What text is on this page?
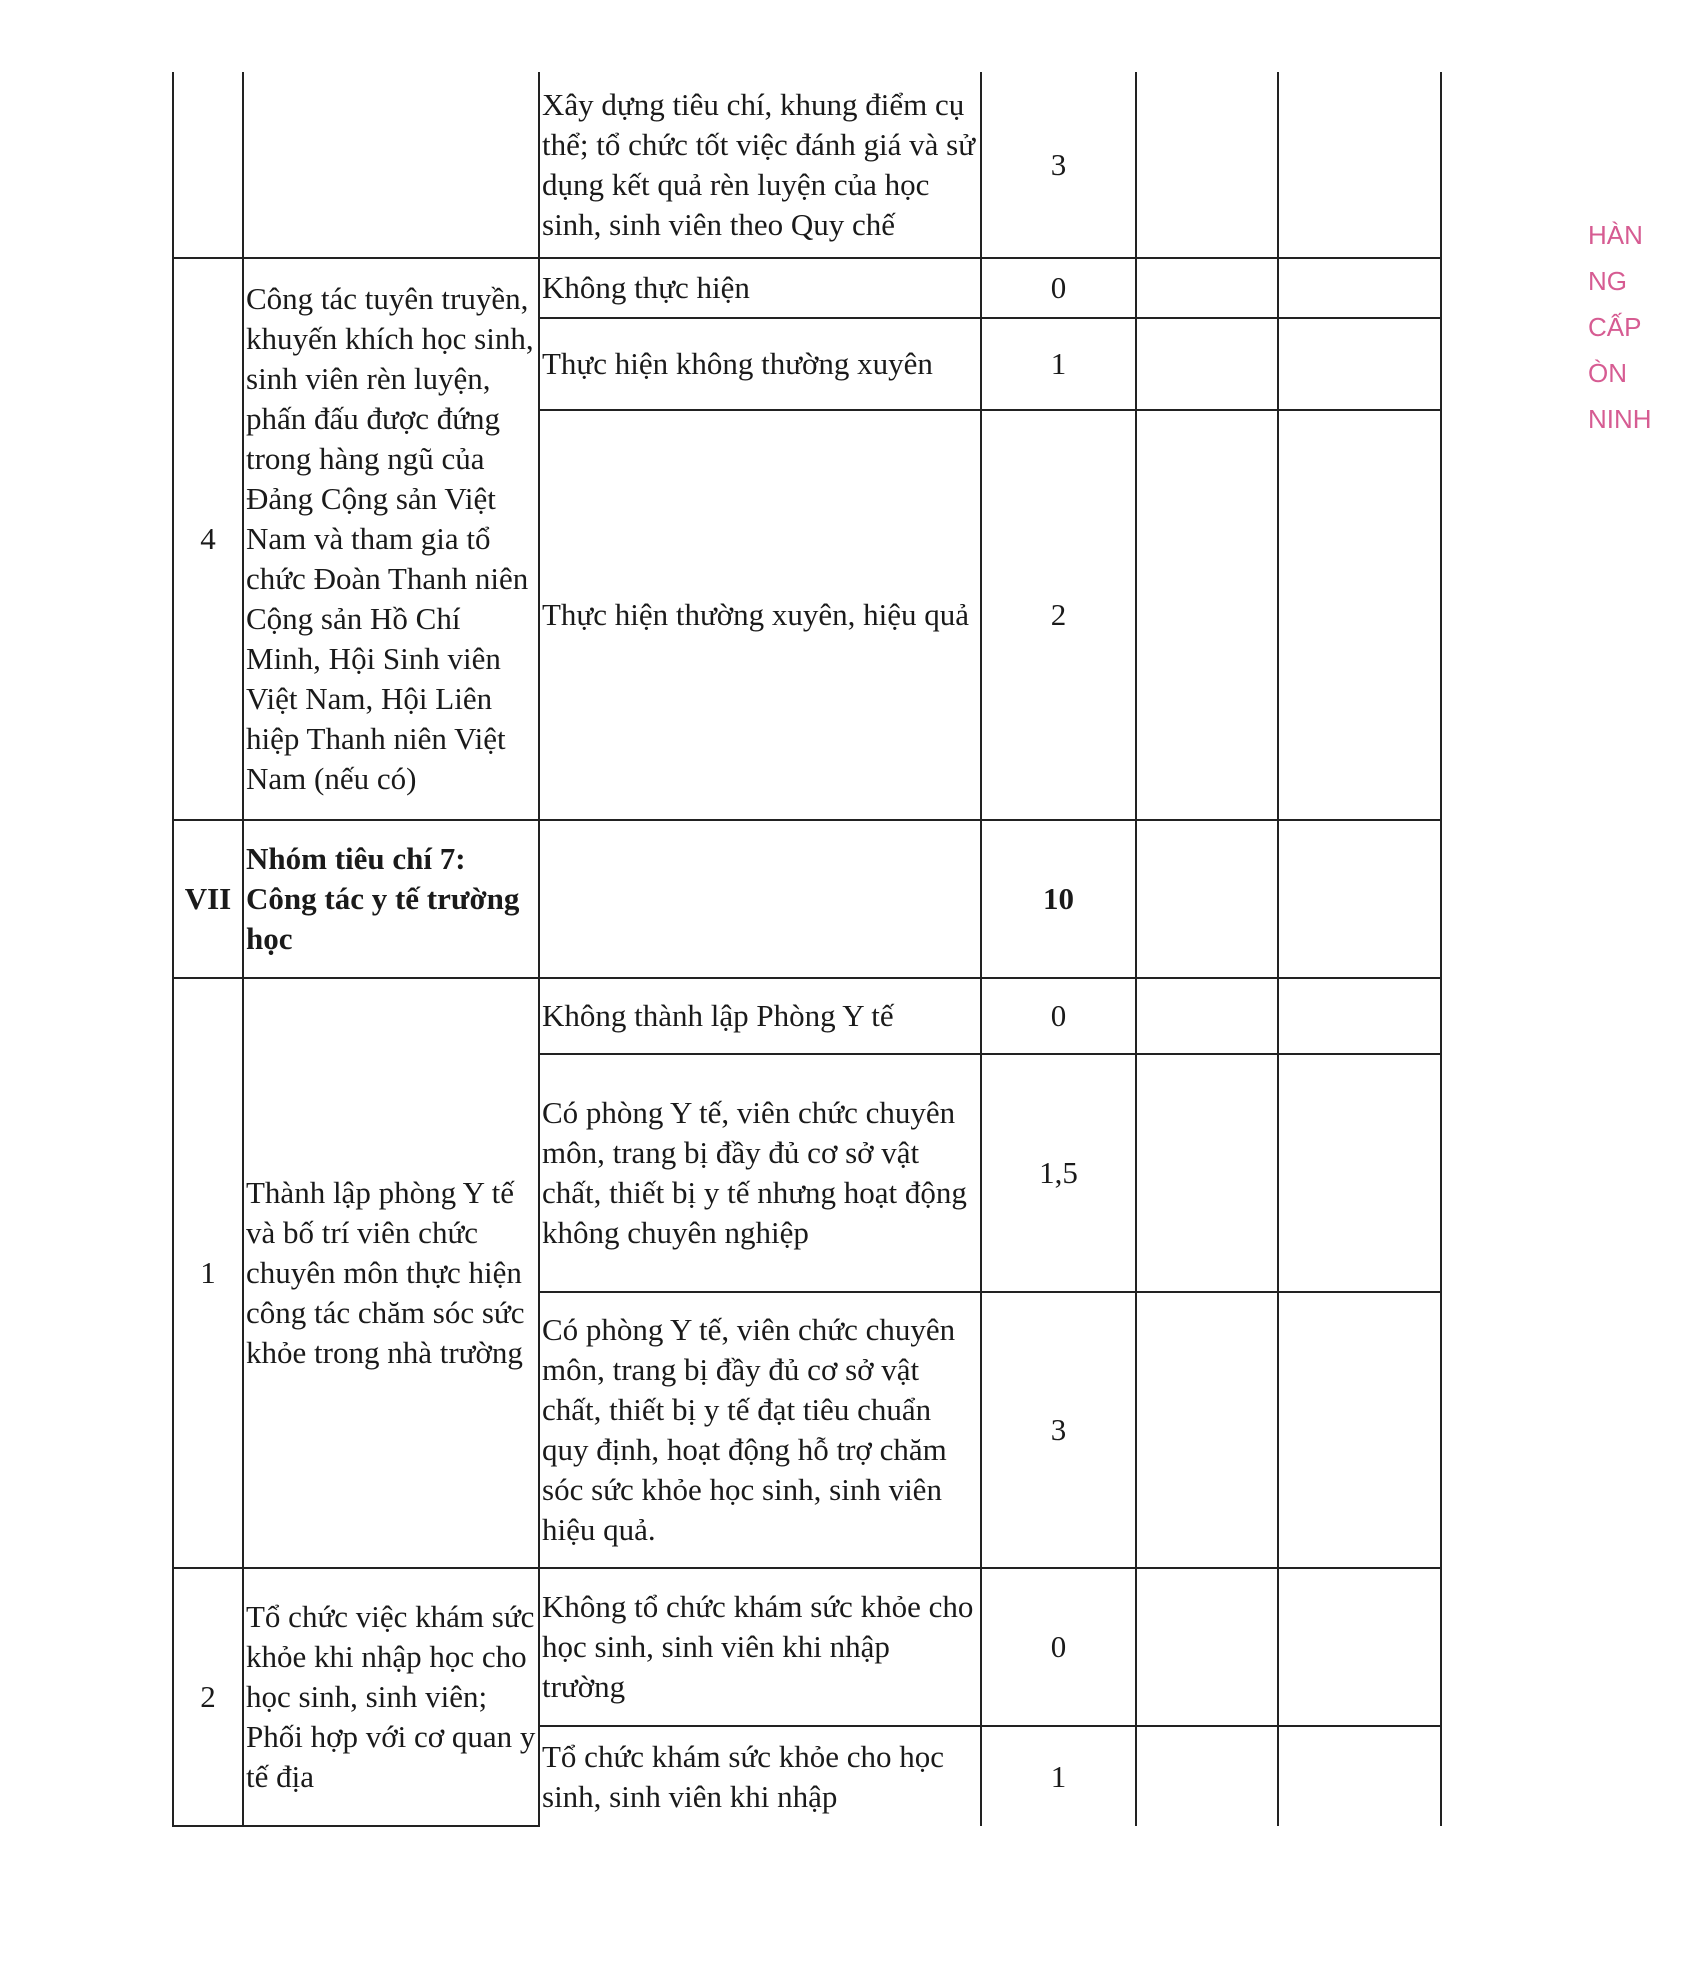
		Xây dựng tiêu chí, khung điểm cụ thể; tổ chức tốt việc đánh giá và sử dụng kết quả rèn luyện của học sinh, sinh viên theo Quy chế	3		
4	Công tác tuyên truyền, khuyến khích học sinh, sinh viên rèn luyện, phấn đấu được đứng trong hàng ngũ của Đảng Cộng sản Việt Nam và tham gia tổ chức Đoàn Thanh niên Cộng sản Hồ Chí Minh, Hội Sinh viên Việt Nam, Hội Liên hiệp Thanh niên Việt Nam (nếu có)	Không thực hiện	0		
		Thực hiện không thường xuyên	1		
		Thực hiện thường xuyên, hiệu quả	2		
VII	Nhóm tiêu chí 7: Công tác y tế trường học		10		
1	Thành lập phòng Y tế và bố trí viên chức chuyên môn thực hiện công tác chăm sóc sức khỏe trong nhà trường	Không thành lập Phòng Y tế	0		
		Có phòng Y tế, viên chức chuyên môn, trang bị đầy đủ cơ sở vật chất, thiết bị y tế nhưng hoạt động không chuyên nghiệp	1,5		
		Có phòng Y tế, viên chức chuyên môn, trang bị đầy đủ cơ sở vật chất, thiết bị y tế đạt tiêu chuẩn quy định, hoạt động hỗ trợ chăm sóc sức khỏe học sinh, sinh viên hiệu quả.	3		
2	Tổ chức việc khám sức khỏe khi nhập học cho học sinh, sinh viên; Phối hợp với cơ quan y tế địa	Không tổ chức khám sức khỏe cho học sinh, sinh viên khi nhập trường	0		
		Tổ chức khám sức khỏe cho học sinh, sinh viên khi nhập	1		
HÀN
NG
CẤP
ÒN
NINH
